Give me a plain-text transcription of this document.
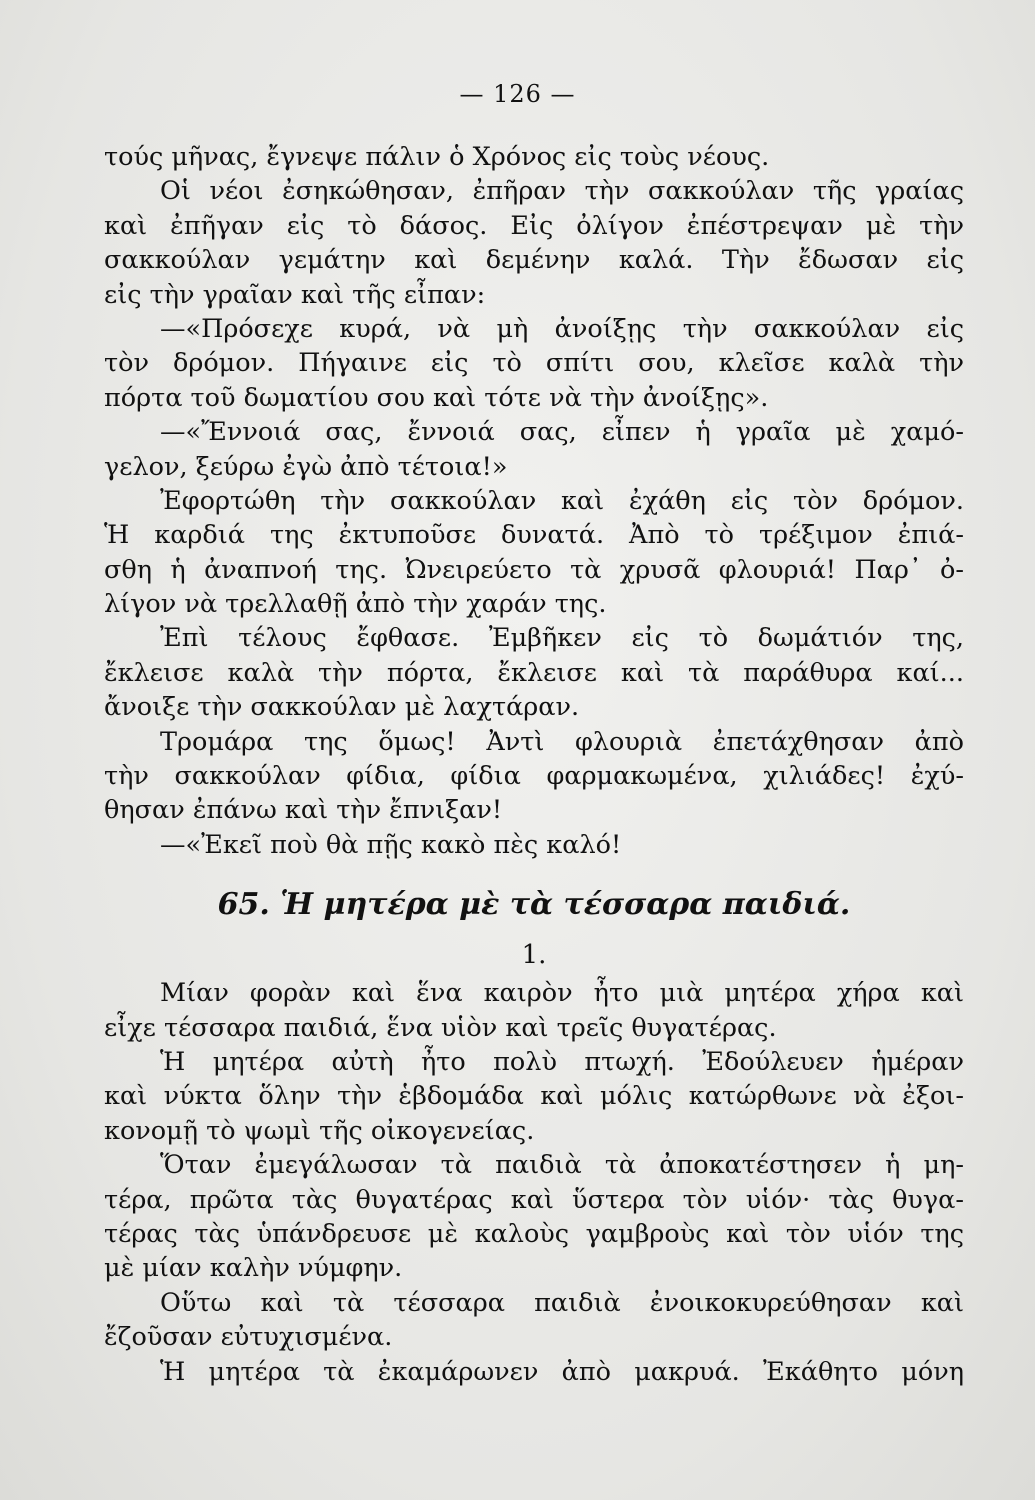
— 126 —
τούς μῆνας, ἔγνεψε πάλιν ὁ Χρόνος εἰς τοὺς νέους.
Οἱ νέοι ἐσηκώθησαν, ἐπῆραν τὴν σακκούλαν τῆς γραίας
καὶ ἐπῆγαν εἰς τὸ δάσος. Εἰς ὀλίγον ἐπέστρεψαν μὲ τὴν
σακκούλαν γεμάτην καὶ δεμένην καλά. Τὴν ἔδωσαν εἰς
εἰς τὴν γραῖαν καὶ τῆς εἶπαν:
—«Πρόσεχε κυρά, νὰ μὴ ἀνοίξῃς τὴν σακκούλαν εἰς
τὸν δρόμον. Πήγαινε εἰς τὸ σπίτι σου, κλεῖσε καλὰ τὴν
πόρτα τοῦ δωματίου σου καὶ τότε νὰ τὴν ἀνοίξῃς».
—«Ἔννοιά σας, ἔννοιά σας, εἶπεν ἡ γραῖα μὲ χαμό-
γελον, ξεύρω ἐγὼ ἀπὸ τέτοια!»
Ἐφορτώθη τὴν σακκούλαν καὶ ἐχάθη εἰς τὸν δρόμον.
Ἡ καρδιά της ἐκτυποῦσε δυνατά. Ἀπὸ τὸ τρέξιμον ἐπιά-
σθη ἡ ἀναπνοή της. Ὠνειρεύετο τὰ χρυσᾶ φλουριά! Παρ᾽ ὀ-
λίγον νὰ τρελλαθῇ ἀπὸ τὴν χαράν της.
Ἐπὶ τέλους ἔφθασε. Ἐμβῆκεν εἰς τὸ δωμάτιόν της,
ἔκλεισε καλὰ τὴν πόρτα, ἔκλεισε καὶ τὰ παράθυρα καί...
ἄνοιξε τὴν σακκούλαν μὲ λαχτάραν.
Τρομάρα της ὅμως! Ἀντὶ φλουριὰ ἐπετάχθησαν ἀπὸ
τὴν σακκούλαν φίδια, φίδια φαρμακωμένα, χιλιάδες! ἐχύ-
θησαν ἐπάνω καὶ τὴν ἔπνιξαν!
—«Ἐκεῖ ποὺ θὰ πῇς κακὸ πὲς καλό!
65. Ἡ μητέρα μὲ τὰ τέσσαρα παιδιά.
1.
Μίαν φορὰν καὶ ἕνα καιρὸν ἦτο μιὰ μητέρα χήρα καὶ
εἶχε τέσσαρα παιδιά, ἕνα υἱὸν καὶ τρεῖς θυγατέρας.
Ἡ μητέρα αὐτὴ ἦτο πολὺ πτωχή. Ἐδούλευεν ἡμέραν
καὶ νύκτα ὅλην τὴν ἑβδομάδα καὶ μόλις κατώρθωνε νὰ ἐξοι-
κονομῇ τὸ ψωμὶ τῆς οἰκογενείας.
Ὅταν ἐμεγάλωσαν τὰ παιδιὰ τὰ ἀποκατέστησεν ἡ μη-
τέρα, πρῶτα τὰς θυγατέρας καὶ ὕστερα τὸν υἱόν· τὰς θυγα-
τέρας τὰς ὑπάνδρευσε μὲ καλοὺς γαμβροὺς καὶ τὸν υἱόν της
μὲ μίαν καλὴν νύμφην.
Οὕτω καὶ τὰ τέσσαρα παιδιὰ ἐνοικοκυρεύθησαν καὶ
ἔζοῦσαν εὐτυχισμένα.
Ἡ μητέρα τὰ ἐκαμάρωνεν ἀπὸ μακρυά. Ἐκάθητο μόνη
